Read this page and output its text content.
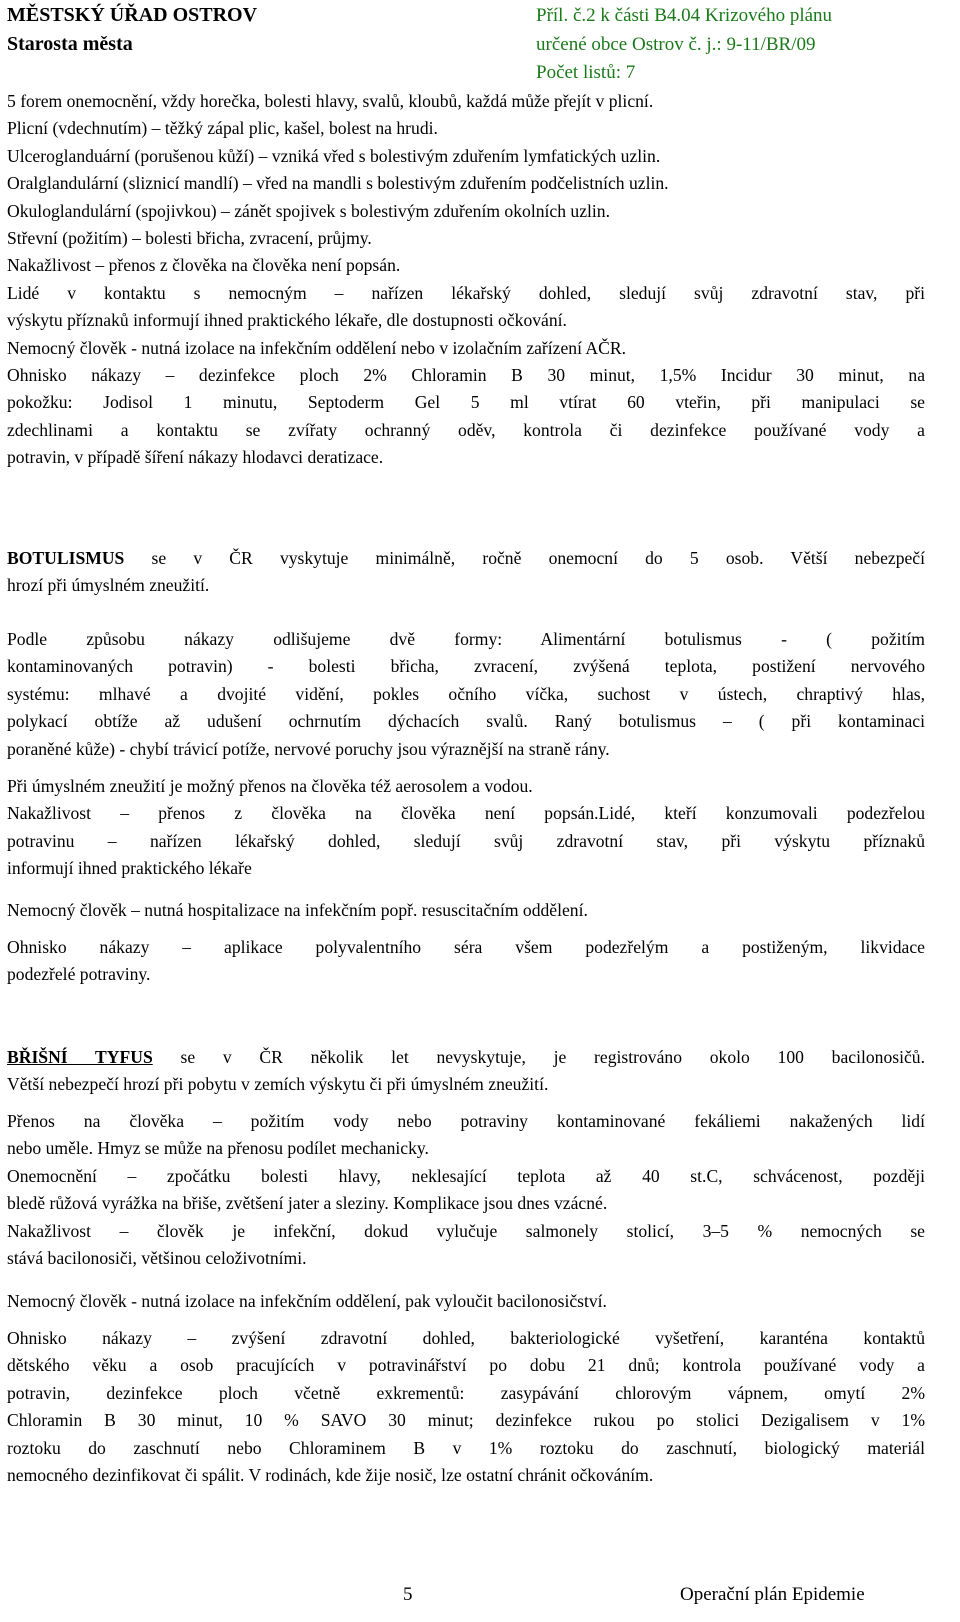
MĚSTSKÝ ÚŘAD OSTROV
Starosta města
Příl. č.2 k části B4.04 Krizového plánu
určené obce Ostrov č. j.: 9-11/BR/09
Počet listů: 7
5 forem onemocnění, vždy horečka, bolesti hlavy, svalů, kloubů, každá může přejít v plicní.
Plicní (vdechnutím) – těžký zápal plic, kašel, bolest na hrudi.
Ulceroglanduární (porušenou kůží) – vzniká vřed s bolestivým zduřením lymfatických uzlin.
Oralglandulární (sliznicí mandlí) – vřed na mandli s bolestivým zduřením podčelistních uzlin.
Okuloglandulární (spojivkou) – zánět spojivek s bolestivým zduřením okolních uzlin.
Střevní (požitím) – bolesti břicha, zvracení, průjmy.
Nakažlivost – přenos z člověka na člověka není popsán.
Lidé v kontaktu s nemocným – nařízen lékařský dohled, sledují svůj zdravotní stav, při
výskytu příznaků informují ihned praktického lékaře, dle dostupnosti očkování.
Nemocný člověk - nutná izolace na infekčním oddělení nebo v izolačním zařízení AČR.
Ohnisko nákazy – dezinfekce ploch 2% Chloramin B 30 minut, 1,5% Incidur 30 minut, na
pokožku: Jodisol 1 minutu, Septoderm Gel 5 ml vtírat 60 vteřin, při manipulaci se
zdechlinami a kontaktu se zvířaty ochranný oděv, kontrola či dezinfekce používané vody a
potravin, v případě šíření nákazy hlodavci deratizace.
BOTULISMUS se v ČR vyskytuje minimálně, ročně onemocní do 5 osob. Větší nebezpečí
hrozí při úmyslném zneužití.
Podle způsobu nákazy odlišujeme dvě formy: Alimentární botulismus - ( požitím
kontaminovaných potravin) - bolesti břicha, zvracení, zvýšená teplota, postižení nervového
systému: mlhavé a dvojité vidění, pokles očního víčka, suchost v ústech, chraptivý hlas,
polykací obtíže až udušení ochrnutím dýchacích svalů. Raný botulismus – ( při kontaminaci
poraněné kůže) - chybí trávicí potíže, nervové poruchy jsou výraznější na straně rány.
Při úmyslném zneužití je možný přenos na člověka též aerosolem a vodou.
Nakažlivost – přenos z člověka na člověka není popsán.Lidé, kteří konzumovali podezřelou
potravinu – nařízen lékařský dohled, sledují svůj zdravotní stav, při výskytu příznaků
informují ihned praktického lékaře
Nemocný člověk – nutná hospitalizace na infekčním popř. resuscitačním oddělení.
Ohnisko nákazy – aplikace polyvalentního séra všem podezřelým a postiženým, likvidace
podezřelé potraviny.
BŘIŠNÍ TYFUS se v ČR několik let nevyskytuje, je registrováno okolo 100 bacilonosičů.
Větší nebezpečí hrozí při pobytu v zemích výskytu či při úmyslném zneužití.
Přenos na člověka – požitím vody nebo potraviny kontaminované fekáliemi nakažených lidí
nebo uměle. Hmyz se může na přenosu podílet mechanicky.
Onemocnění – zpočátku bolesti hlavy, neklesající teplota až 40 st.C, schvácenost, později
bledě růžová vyrážka na břiše, zvětšení jater a sleziny. Komplikace jsou dnes vzácné.
Nakažlivost – člověk je infekční, dokud vylučuje salmonely stolicí, 3–5 % nemocných se
stává bacilonosiči, většinou celoživotními.
Nemocný člověk - nutná izolace na infekčním oddělení, pak vyloučit bacilonosičství.
Ohnisko nákazy – zvýšení zdravotní dohled, bakteriologické vyšetření, karanténa kontaktů
dětského věku a osob pracujících v potravinářství po dobu 21 dnů; kontrola používané vody a
potravin, dezinfekce ploch včetně exkrementů: zasypávání chlorovým vápnem, omytí 2%
Chloramin B 30 minut, 10 % SAVO 30 minut; dezinfekce rukou po stolici Dezigalisem v 1%
roztoku do zaschnutí nebo Chloraminem B v 1% roztoku do zaschnutí, biologický materiál
nemocného dezinfikovat či spálit. V rodinách, kde žije nosič, lze ostatní chránit očkováním.
5	Operační plán Epidemie
